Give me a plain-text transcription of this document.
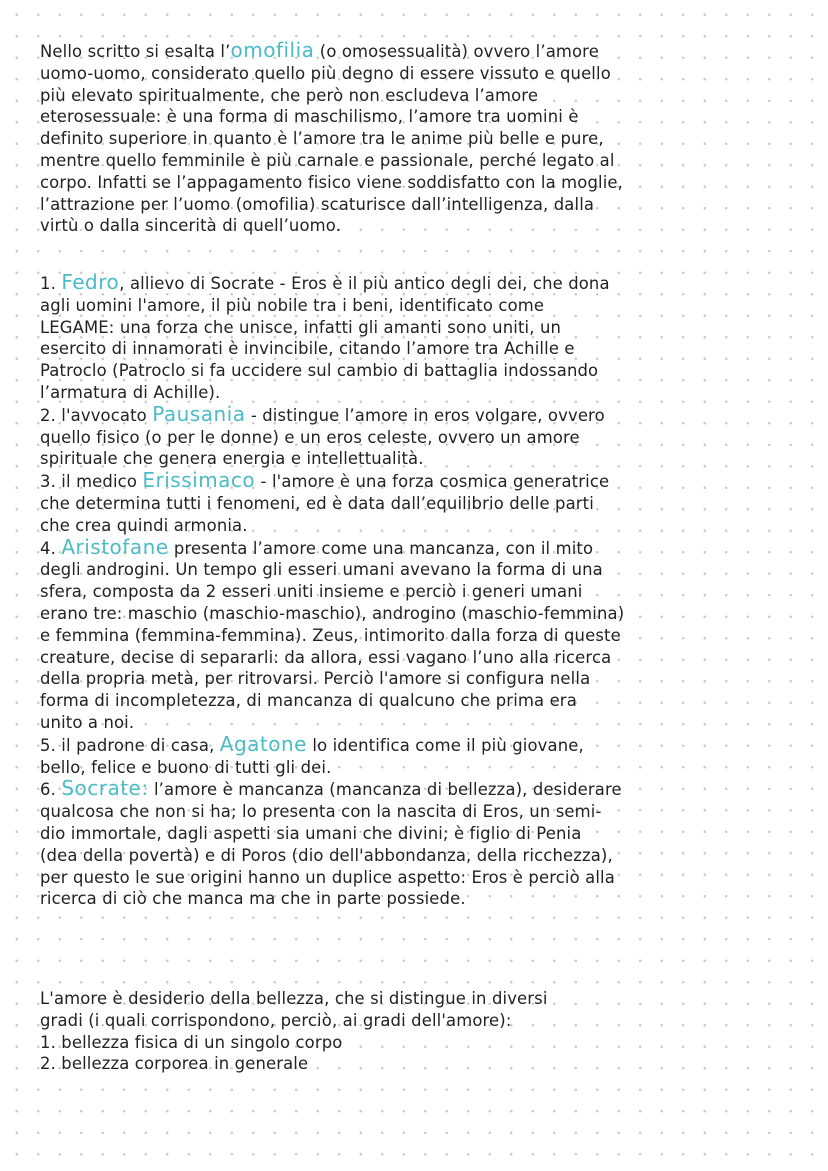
Nello scritto si esalta l’omofilia (o omosessualità) ovvero l’amore
uomo-uomo, considerato quello più degno di essere vissuto e quello
più elevato spiritualmente, che però non escludeva l’amore
eterosessuale: è una forma di maschilismo, l’amore tra uomini è
definito superiore in quanto è l’amore tra le anime più belle e pure,
mentre quello femminile è più carnale e passionale, perché legato al
corpo. Infatti se l’appagamento fisico viene soddisfatto con la moglie,
l’attrazione per l’uomo (omofilia) scaturisce dall’intelligenza, dalla
virtù o dalla sincerità di quell’uomo.
1. Fedro, allievo di Socrate - Eros è il più antico degli dei, che dona
agli uomini l'amore, il più nobile tra i beni, identificato come
LEGAME: una forza che unisce, infatti gli amanti sono uniti, un
esercito di innamorati è invincibile, citando l’amore tra Achille e
Patroclo (Patroclo si fa uccidere sul cambio di battaglia indossando
l’armatura di Achille).
2. l'avvocato Pausania - distingue l’amore in eros volgare, ovvero
quello fisico (o per le donne) e un eros celeste, ovvero un amore
spirituale che genera energia e intellettualità.
3. il medico Erissimaco - l'amore è una forza cosmica generatrice
che determina tutti i fenomeni, ed è data dall’equilibrio delle parti
che crea quindi armonia.
4. Aristofane presenta l’amore come una mancanza, con il mito
degli androgini. Un tempo gli esseri umani avevano la forma di una
sfera, composta da 2 esseri uniti insieme e perciò i generi umani
erano tre: maschio (maschio-maschio), androgino (maschio-femmina)
e femmina (femmina-femmina). Zeus, intimorito dalla forza di queste
creature, decise di separarli: da allora, essi vagano l’uno alla ricerca
della propria metà, per ritrovarsi. Perciò l'amore si configura nella
forma di incompletezza, di mancanza di qualcuno che prima era
unito a noi.
5. il padrone di casa, Agatone lo identifica come il più giovane,
bello, felice e buono di tutti gli dei.
6. Socrate: l’amore è mancanza (mancanza di bellezza), desiderare
qualcosa che non si ha; lo presenta con la nascita di Eros, un semi-
dio immortale, dagli aspetti sia umani che divini; è figlio di Penia
(dea della povertà) e di Poros (dio dell'abbondanza, della ricchezza),
per questo le sue origini hanno un duplice aspetto: Eros è perciò alla
ricerca di ciò che manca ma che in parte possiede.
L'amore è desiderio della bellezza, che si distingue in diversi
gradi (i quali corrispondono, perciò, ai gradi dell'amore):
1. bellezza fisica di un singolo corpo
2. bellezza corporea in generale
